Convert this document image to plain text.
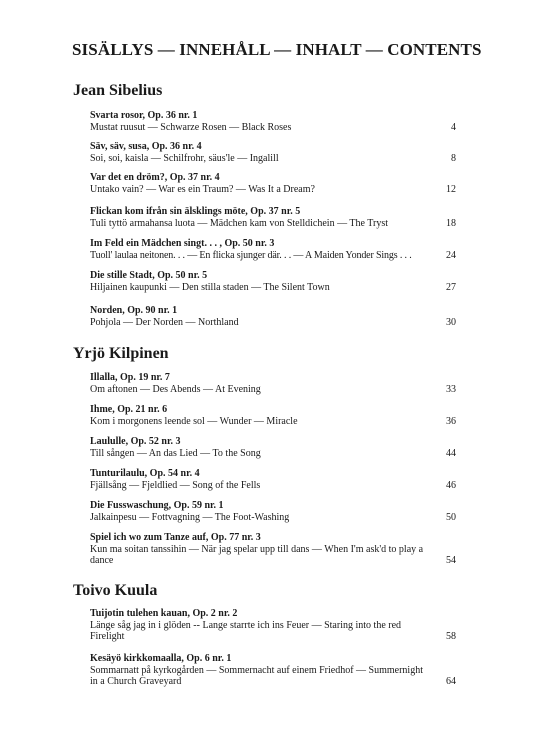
SISÄLLYS — INNEHÅLL — INHALT — CONTENTS
Jean Sibelius
Svarta rosor, Op. 36 nr. 1
Mustat ruusut — Schwarze Rosen — Black Roses	4
Säv, säv, susa, Op. 36 nr. 4
Soi, soi, kaisla — Schilfrohr, säus'le — Ingalill	8
Var det en dröm?, Op. 37 nr. 4
Untako vain? — War es ein Traum? — Was It a Dream?	12
Flickan kom ifrån sin älsklings möte, Op. 37 nr. 5
Tuli tyttö armahansa luota — Mädchen kam von Stelldichein — The Tryst	18
Im Feld ein Mädchen singt. . . , Op. 50 nr. 3
Tuoll' laulaa neitonen. . . — En flicka sjunger där. . . — A Maiden Yonder Sings . . .	24
Die stille Stadt, Op. 50 nr. 5
Hiljainen kaupunki — Den stilla staden — The Silent Town	27
Norden, Op. 90 nr. 1
Pohjola — Der Norden — Northland	30
Yrjö Kilpinen
Illalla, Op. 19 nr. 7
Om aftonen — Des Abends — At Evening	33
Ihme, Op. 21 nr. 6
Kom i morgonens leende sol — Wunder — Miracle	36
Laululle, Op. 52 nr. 3
Till sången — An das Lied — To the Song	44
Tunturilaulu, Op. 54 nr. 4
Fjällsång — Fjeldlied — Song of the Fells	46
Die Fusswaschung, Op. 59 nr. 1
Jalkainpesu — Fottvagning — The Foot-Washing	50
Spiel ich wo zum Tanze auf, Op. 77 nr. 3
Kun ma soitan tanssihin — När jag spelar upp till dans — When I'm ask'd to play a dance	54
Toivo Kuula
Tuijotin tulehen kauan, Op. 2 nr. 2
Länge såg jag in i glöden -- Lange starrte ich ins Feuer — Staring into the red Firelight	58
Kesäyö kirkkomaalla, Op. 6 nr. 1
Sommarnatt på kyrkogården — Sommernacht auf einem Friedhof — Summernight in a Church Graveyard	64
